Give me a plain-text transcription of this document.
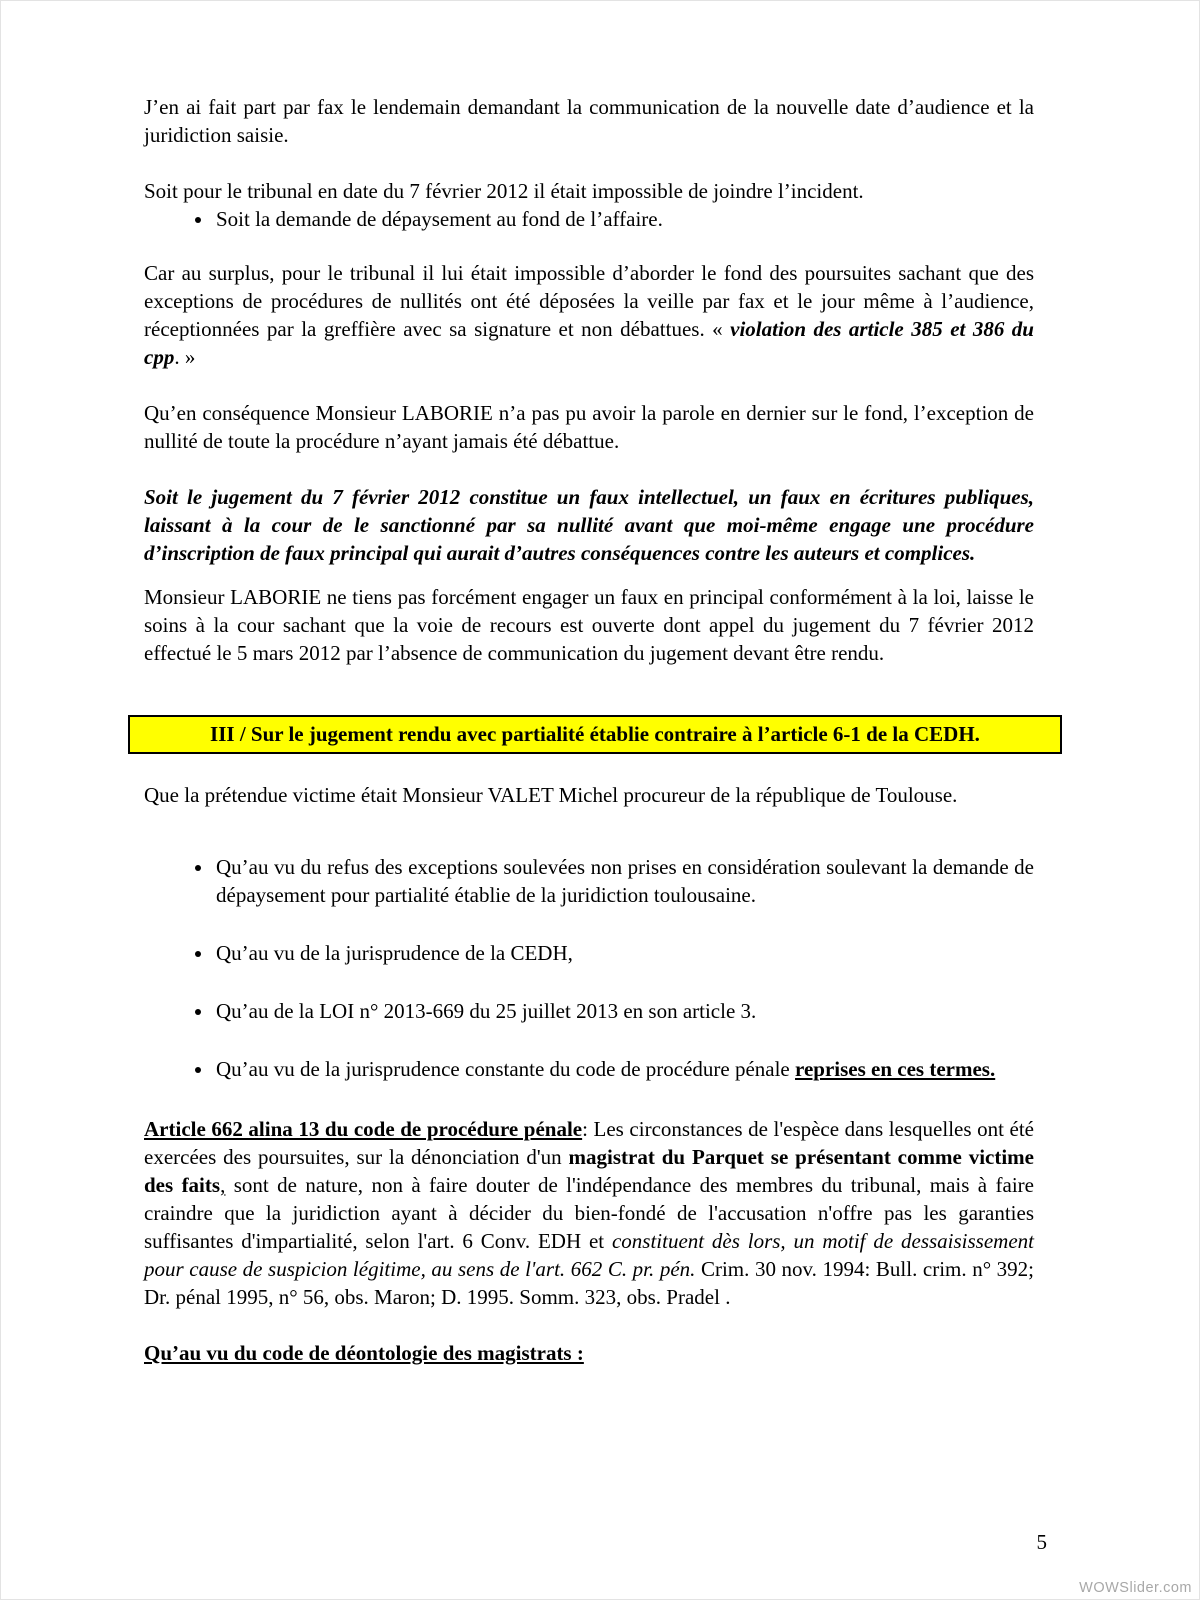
J’en ai fait part par fax le lendemain demandant la communication de la nouvelle date d’audience et la juridiction saisie.

Soit pour le tribunal en date du 7 février 2012 il était impossible de joindre l’incident.

• Soit la demande de dépaysement au fond de l’affaire.

Car au surplus, pour le tribunal il lui était impossible d’aborder le fond des poursuites sachant que des exceptions de procédures de nullités ont été déposées la veille par fax et le jour même à l’audience, réceptionnées par la greffière avec sa signature et non débattues. « violation des article 385 et 386 du cpp. »

Qu’en conséquence Monsieur LABORIE n’a pas pu avoir la parole en dernier sur le fond, l’exception de nullité de toute la procédure n’ayant jamais été débattue.

Soit le jugement du 7 février 2012 constitue un faux intellectuel, un faux en écritures publiques, laissant à la cour de le sanctionné par sa nullité avant que moi-même engage une procédure d’inscription de faux principal qui aurait d’autres conséquences contre les auteurs et complices.

Monsieur LABORIE ne tiens pas forcément engager un faux en principal conformément à la loi, laisse le soins à la cour sachant que la voie de recours est ouverte dont appel du jugement du 7 février 2012 effectué le 5 mars 2012 par l’absence de communication du jugement devant être rendu.

III / Sur le jugement rendu avec partialité établie contraire à l’article 6-1 de la CEDH.

Que la prétendue victime était Monsieur VALET Michel procureur de la république de Toulouse.

• Qu’au vu du refus des exceptions soulevées non prises en considération soulevant la demande de dépaysement pour partialité établie de la juridiction toulousaine.
• Qu’au vu de la jurisprudence de la CEDH,
• Qu’au de la LOI n° 2013-669 du 25 juillet 2013 en son article 3.
• Qu’au vu de la jurisprudence constante du code de procédure pénale reprises en ces termes.

Article 662 alina 13 du code de procédure pénale: Les circonstances de l'espèce dans lesquelles ont été exercées des poursuites, sur la dénonciation d'un magistrat du Parquet se présentant comme victime des faits, sont de nature, non à faire douter de l'indépendance des membres du tribunal, mais à faire craindre que la juridiction ayant à décider du bien-fondé de l'accusation n'offre pas les garanties suffisantes d'impartialité, selon l'art. 6 Conv. EDH et constituent dès lors, un motif de dessaisissement pour cause de suspicion légitime, au sens de l'art. 662 C. pr. pén. Crim. 30 nov. 1994: Bull. crim. n° 392; Dr. pénal 1995, n° 56, obs. Maron; D. 1995. Somm. 323, obs. Pradel .

Qu’au vu du code de déontologie des magistrats :

5
WOWSlider.com
